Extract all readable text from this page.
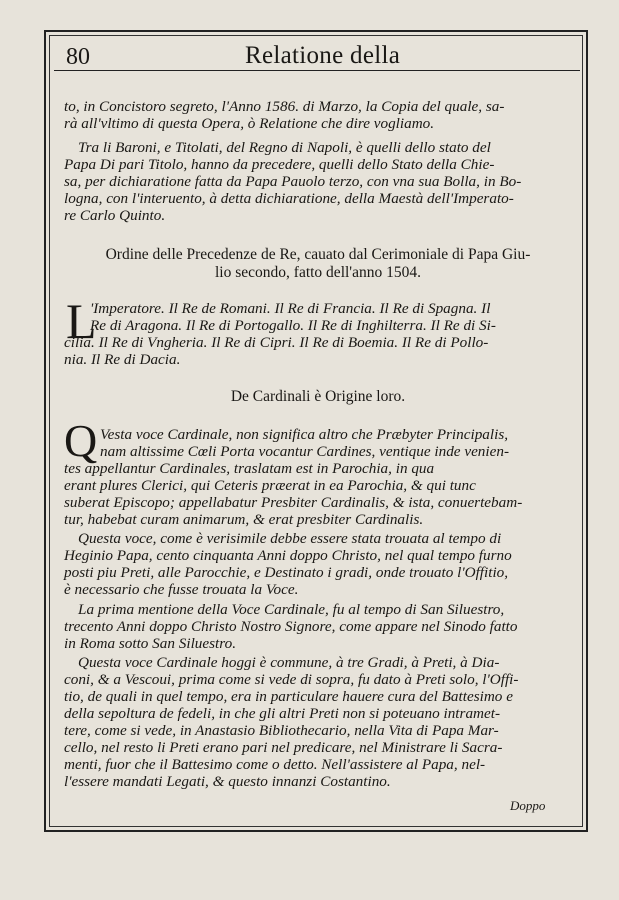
80	Relatione della
to, in Concistoro segreto, l'Anno 1586. di Marzo, la Copia del quale, sa-
rà all'vltimo di questa Opera, ò Relatione che dire vogliamo.
Tra li Baroni, e Titolati, del Regno di Napoli, è quelli dello stato del
Papa Di pari Titolo, hanno da precedere, quelli dello Stato della Chie-
sa, per dichiaratione fatta da Papa Pauolo terzo, con vna sua Bolla, in Bo-
logna, con l'interuento, à detta dichiaratione, della Maestà dell'Imperato-
re Carlo Quinto.
Ordine delle Precedenze de Re, cauato dal Cerimoniale di Papa Giu-
lio secondo, fatto dell'anno 1504.
L
'Imperatore. Il Re de Romani. Il Re di Francia. Il Re di Spagna. Il
Re di Aragona. Il Re di Portogallo. Il Re di Inghilterra. Il Re di Si-
cilia. Il Re di Vngheria. Il Re di Cipri. Il Re di Boemia. Il Re di Pollo-
nia. Il Re di Dacia.
De Cardinali è Origine loro.
Q Vesta voce Cardinale, non significa altro che Præbyter Principalis,
nam altissime Cœli Porta vocantur Cardines, ventique inde venien-
tes appellantur Cardinales, traslatam est in Parochia, in qua
erant plures Clerici, qui Ceteris præerat in ea Parochia, & qui tunc
suberat Episcopo; appellabatur Presbiter Cardinalis, & ista, conuertebam-
tur, habebat curam animarum, & erat presbiter Cardinalis.
Questa voce, come è verisimile debbe essere stata trouata al tempo di
Heginio Papa, cento cinquanta Anni doppo Christo, nel qual tempo furno
posti piu Preti, alle Parocchie, e Destinato i gradi, onde trouato l'Offitio,
è necessario che fusse trouata la Voce.
La prima mentione della Voce Cardinale, fu al tempo di San Siluestro,
trecento Anni doppo Christo Nostro Signore, come appare nel Sinodo fatto
in Roma sotto San Siluestro.
Questa voce Cardinale hoggi è commune, à tre Gradi, à Preti, à Dia-
coni, & a Vescoui, prima come si vede di sopra, fu dato à Preti solo, l'Offi-
tio, de quali in quel tempo, era in particulare hauere cura del Battesimo e
della sepoltura de fedeli, in che gli altri Preti non si poteuano intramet-
tere, come si vede, in Anastasio Bibliothecario, nella Vita di Papa Mar-
cello, nel resto li Preti erano pari nel predicare, nel Ministrare li Sacra-
menti, fuor che il Battesimo come o detto. Nell'assistere al Papa, nel-
l'essere mandati Legati, & questo innanzi Costantino.
Doppo
